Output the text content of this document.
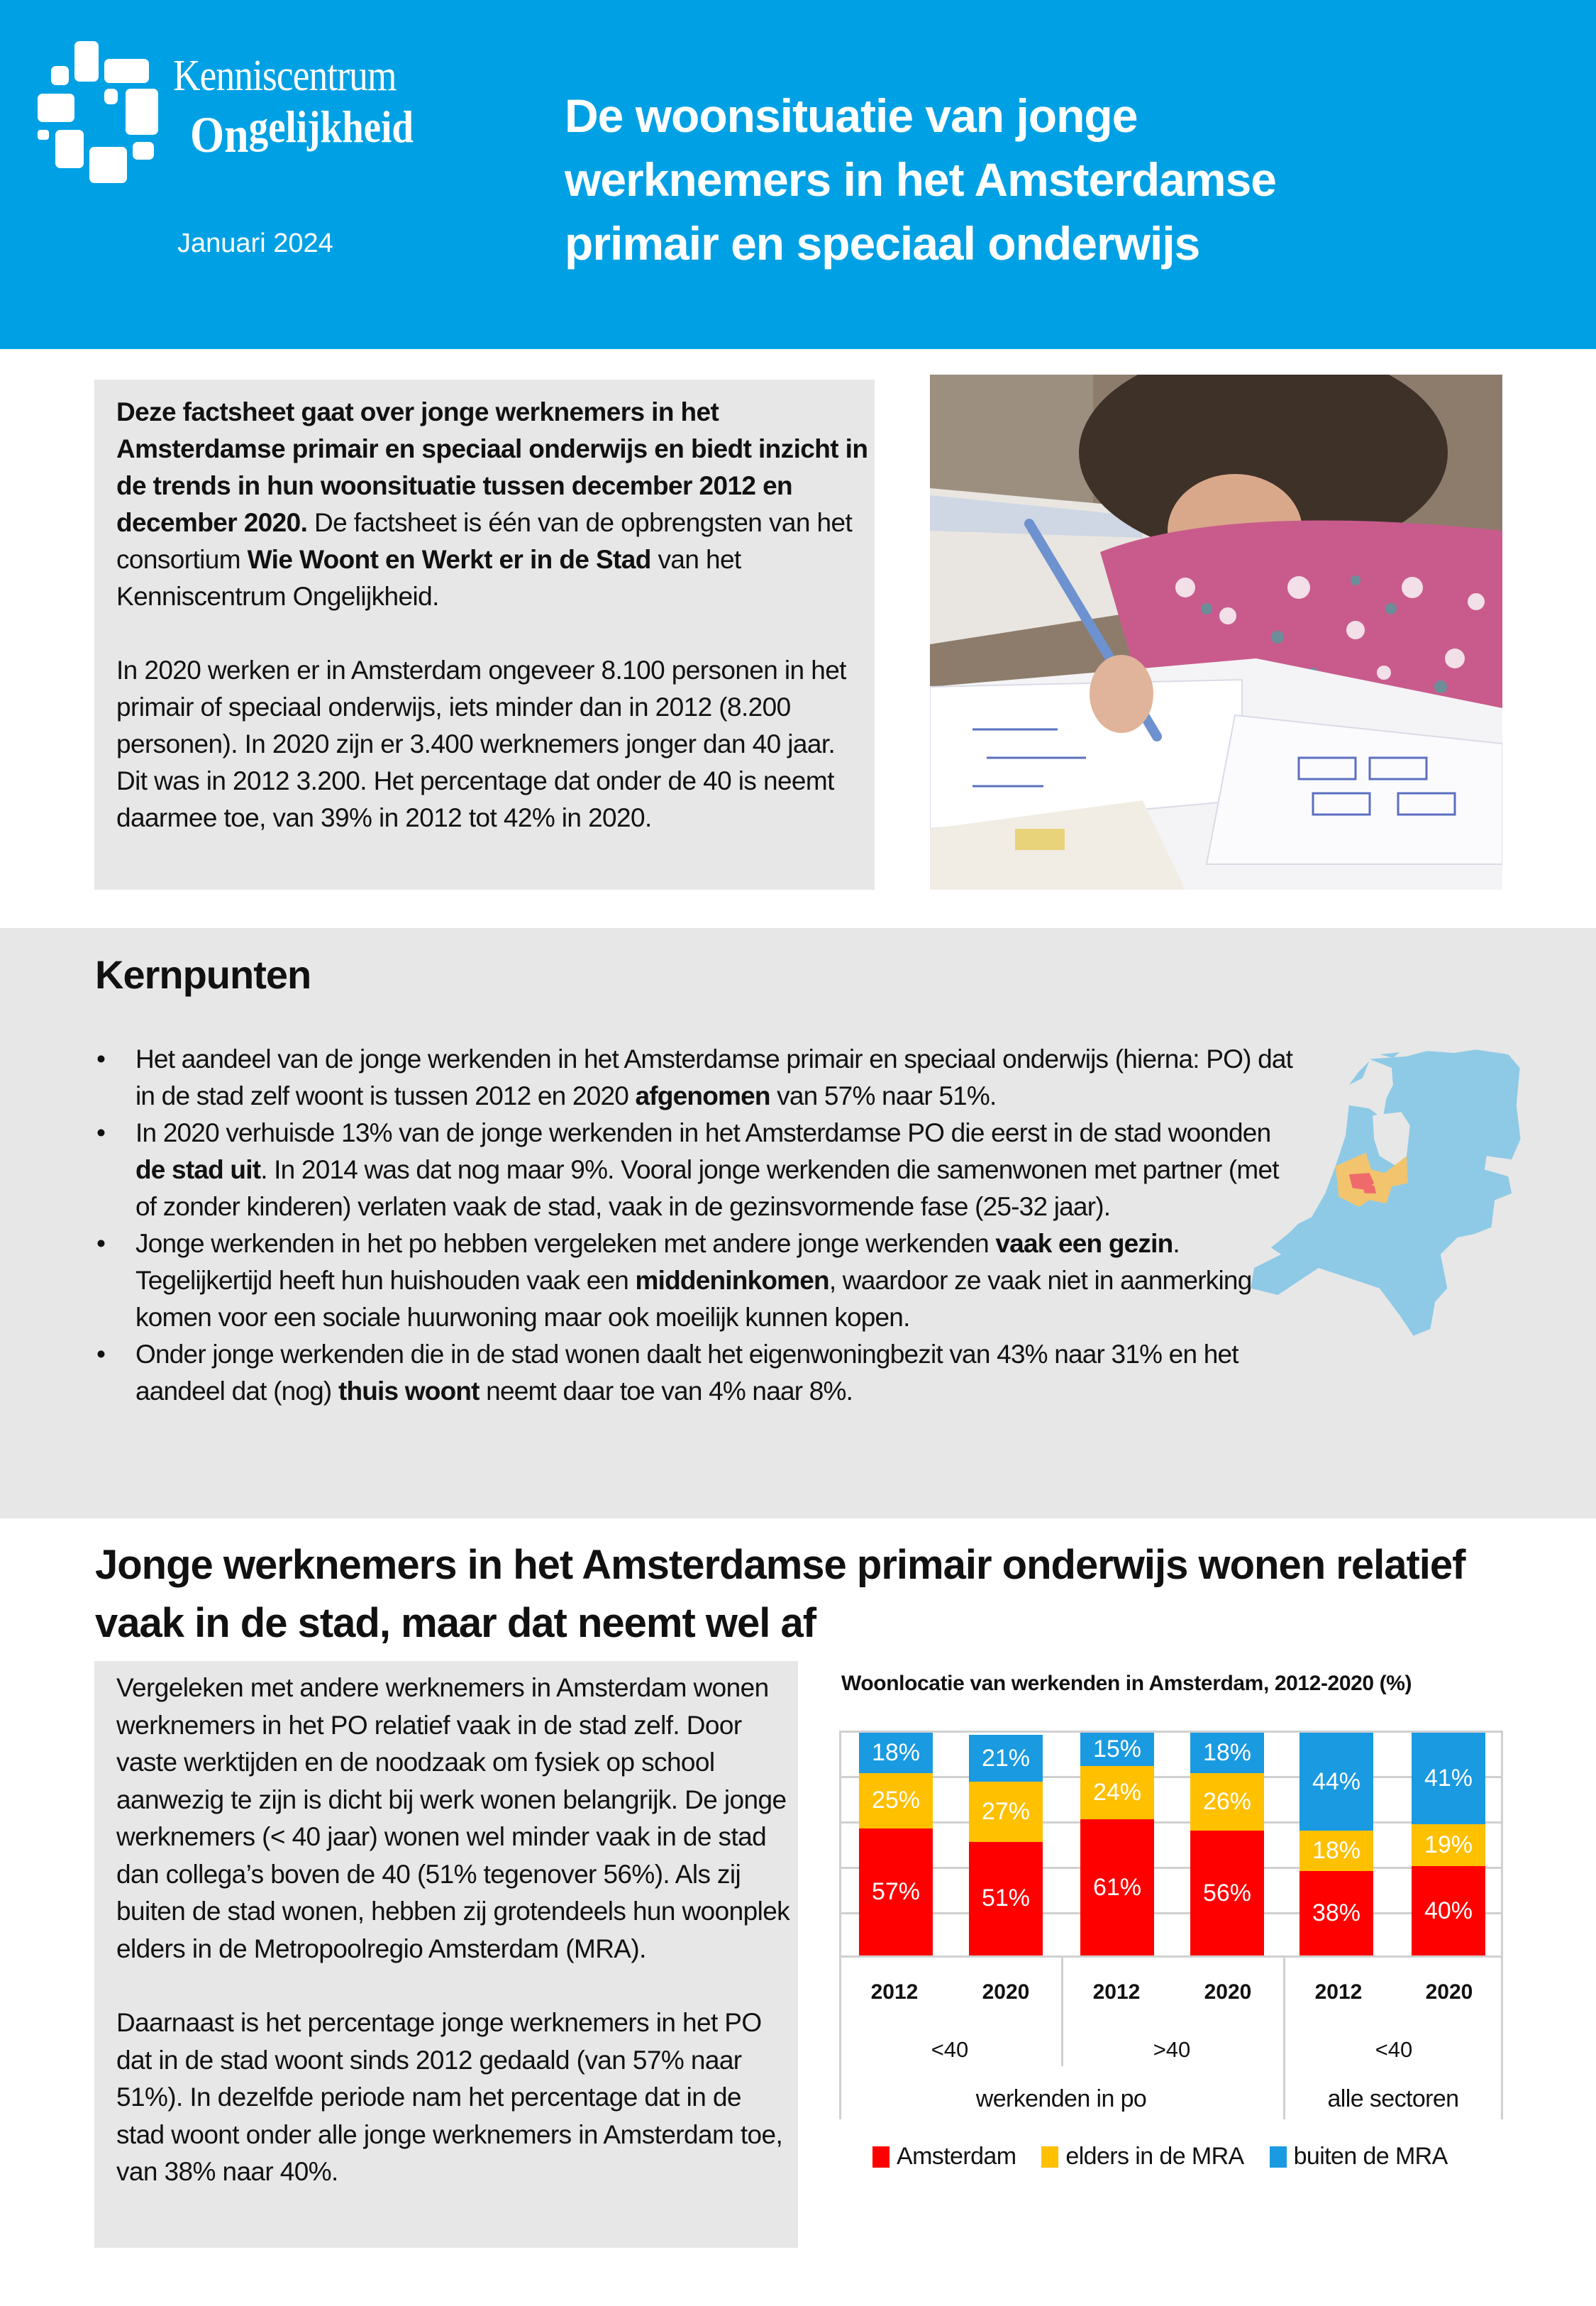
Kenniscentrum
Ongelijkheid
Januari 2024
De woonsituatie van jonge
werknemers in het Amsterdamse
primair en speciaal onderwijs

Deze factsheet gaat over jonge werknemers in het Amsterdamse primair en speciaal onderwijs en biedt inzicht in de trends in hun woonsituatie tussen december 2012 en december 2020. De factsheet is één van de opbrengsten van het consortium Wie Woont en Werkt er in de Stad van het Kenniscentrum Ongelijkheid.

In 2020 werken er in Amsterdam ongeveer 8.100 personen in het primair of speciaal onderwijs, iets minder dan in 2012 (8.200 personen). In 2020 zijn er 3.400 werknemers jonger dan 40 jaar. Dit was in 2012 3.200. Het percentage dat onder de 40 is neemt daarmee toe, van 39% in 2012 tot 42% in 2020.

Kernpunten
• Het aandeel van de jonge werkenden in het Amsterdamse primair en speciaal onderwijs (hierna: PO) dat in de stad zelf woont is tussen 2012 en 2020 afgenomen van 57% naar 51%.
• In 2020 verhuisde 13% van de jonge werkenden in het Amsterdamse PO die eerst in de stad woonden de stad uit. In 2014 was dat nog maar 9%. Vooral jonge werkenden die samenwonen met partner (met of zonder kinderen) verlaten vaak de stad, vaak in de gezinsvormende fase (25-32 jaar).
• Jonge werkenden in het po hebben vergeleken met andere jonge werkenden vaak een gezin. Tegelijkertijd heeft hun huishouden vaak een middeninkomen, waardoor ze vaak niet in aanmerking komen voor een sociale huurwoning maar ook moeilijk kunnen kopen.
• Onder jonge werkenden die in de stad wonen daalt het eigenwoningbezit van 43% naar 31% en het aandeel dat (nog) thuis woont neemt daar toe van 4% naar 8%.
Jonge werknemers in het Amsterdamse primair onderwijs wonen relatief vaak in de stad, maar dat neemt wel af

Vergeleken met andere werknemers in Amsterdam wonen werknemers in het PO relatief vaak in de stad zelf. Door vaste werktijden en de noodzaak om fysiek op school aanwezig te zijn is dicht bij werk wonen belangrijk. De jonge werknemers (< 40 jaar) wonen wel minder vaak in de stad dan collega’s boven de 40 (51% tegenover 56%). Als zij buiten de stad wonen, hebben zij grotendeels hun woonplek elders in de Metropoolregio Amsterdam (MRA).

Daarnaast is het percentage jonge werknemers in het PO dat in de stad woont sinds 2012 gedaald (van 57% naar 51%). In dezelfde periode nam het percentage dat in de stad woont onder alle jonge werknemers in Amsterdam toe, van 38% naar 40%.

Woonlocatie van werkenden in Amsterdam, 2012-2020 (%)
57%
25%
18%
51%
27%
21%
61%
24%
15%
56%
26%
18%
38%
18%
44%
40%
19%
41%
2012	2020	2012	2020	2012	2020
<40	>40	<40
werkenden in po	alle sectoren
Amsterdam elders in de MRA buiten de MRA
